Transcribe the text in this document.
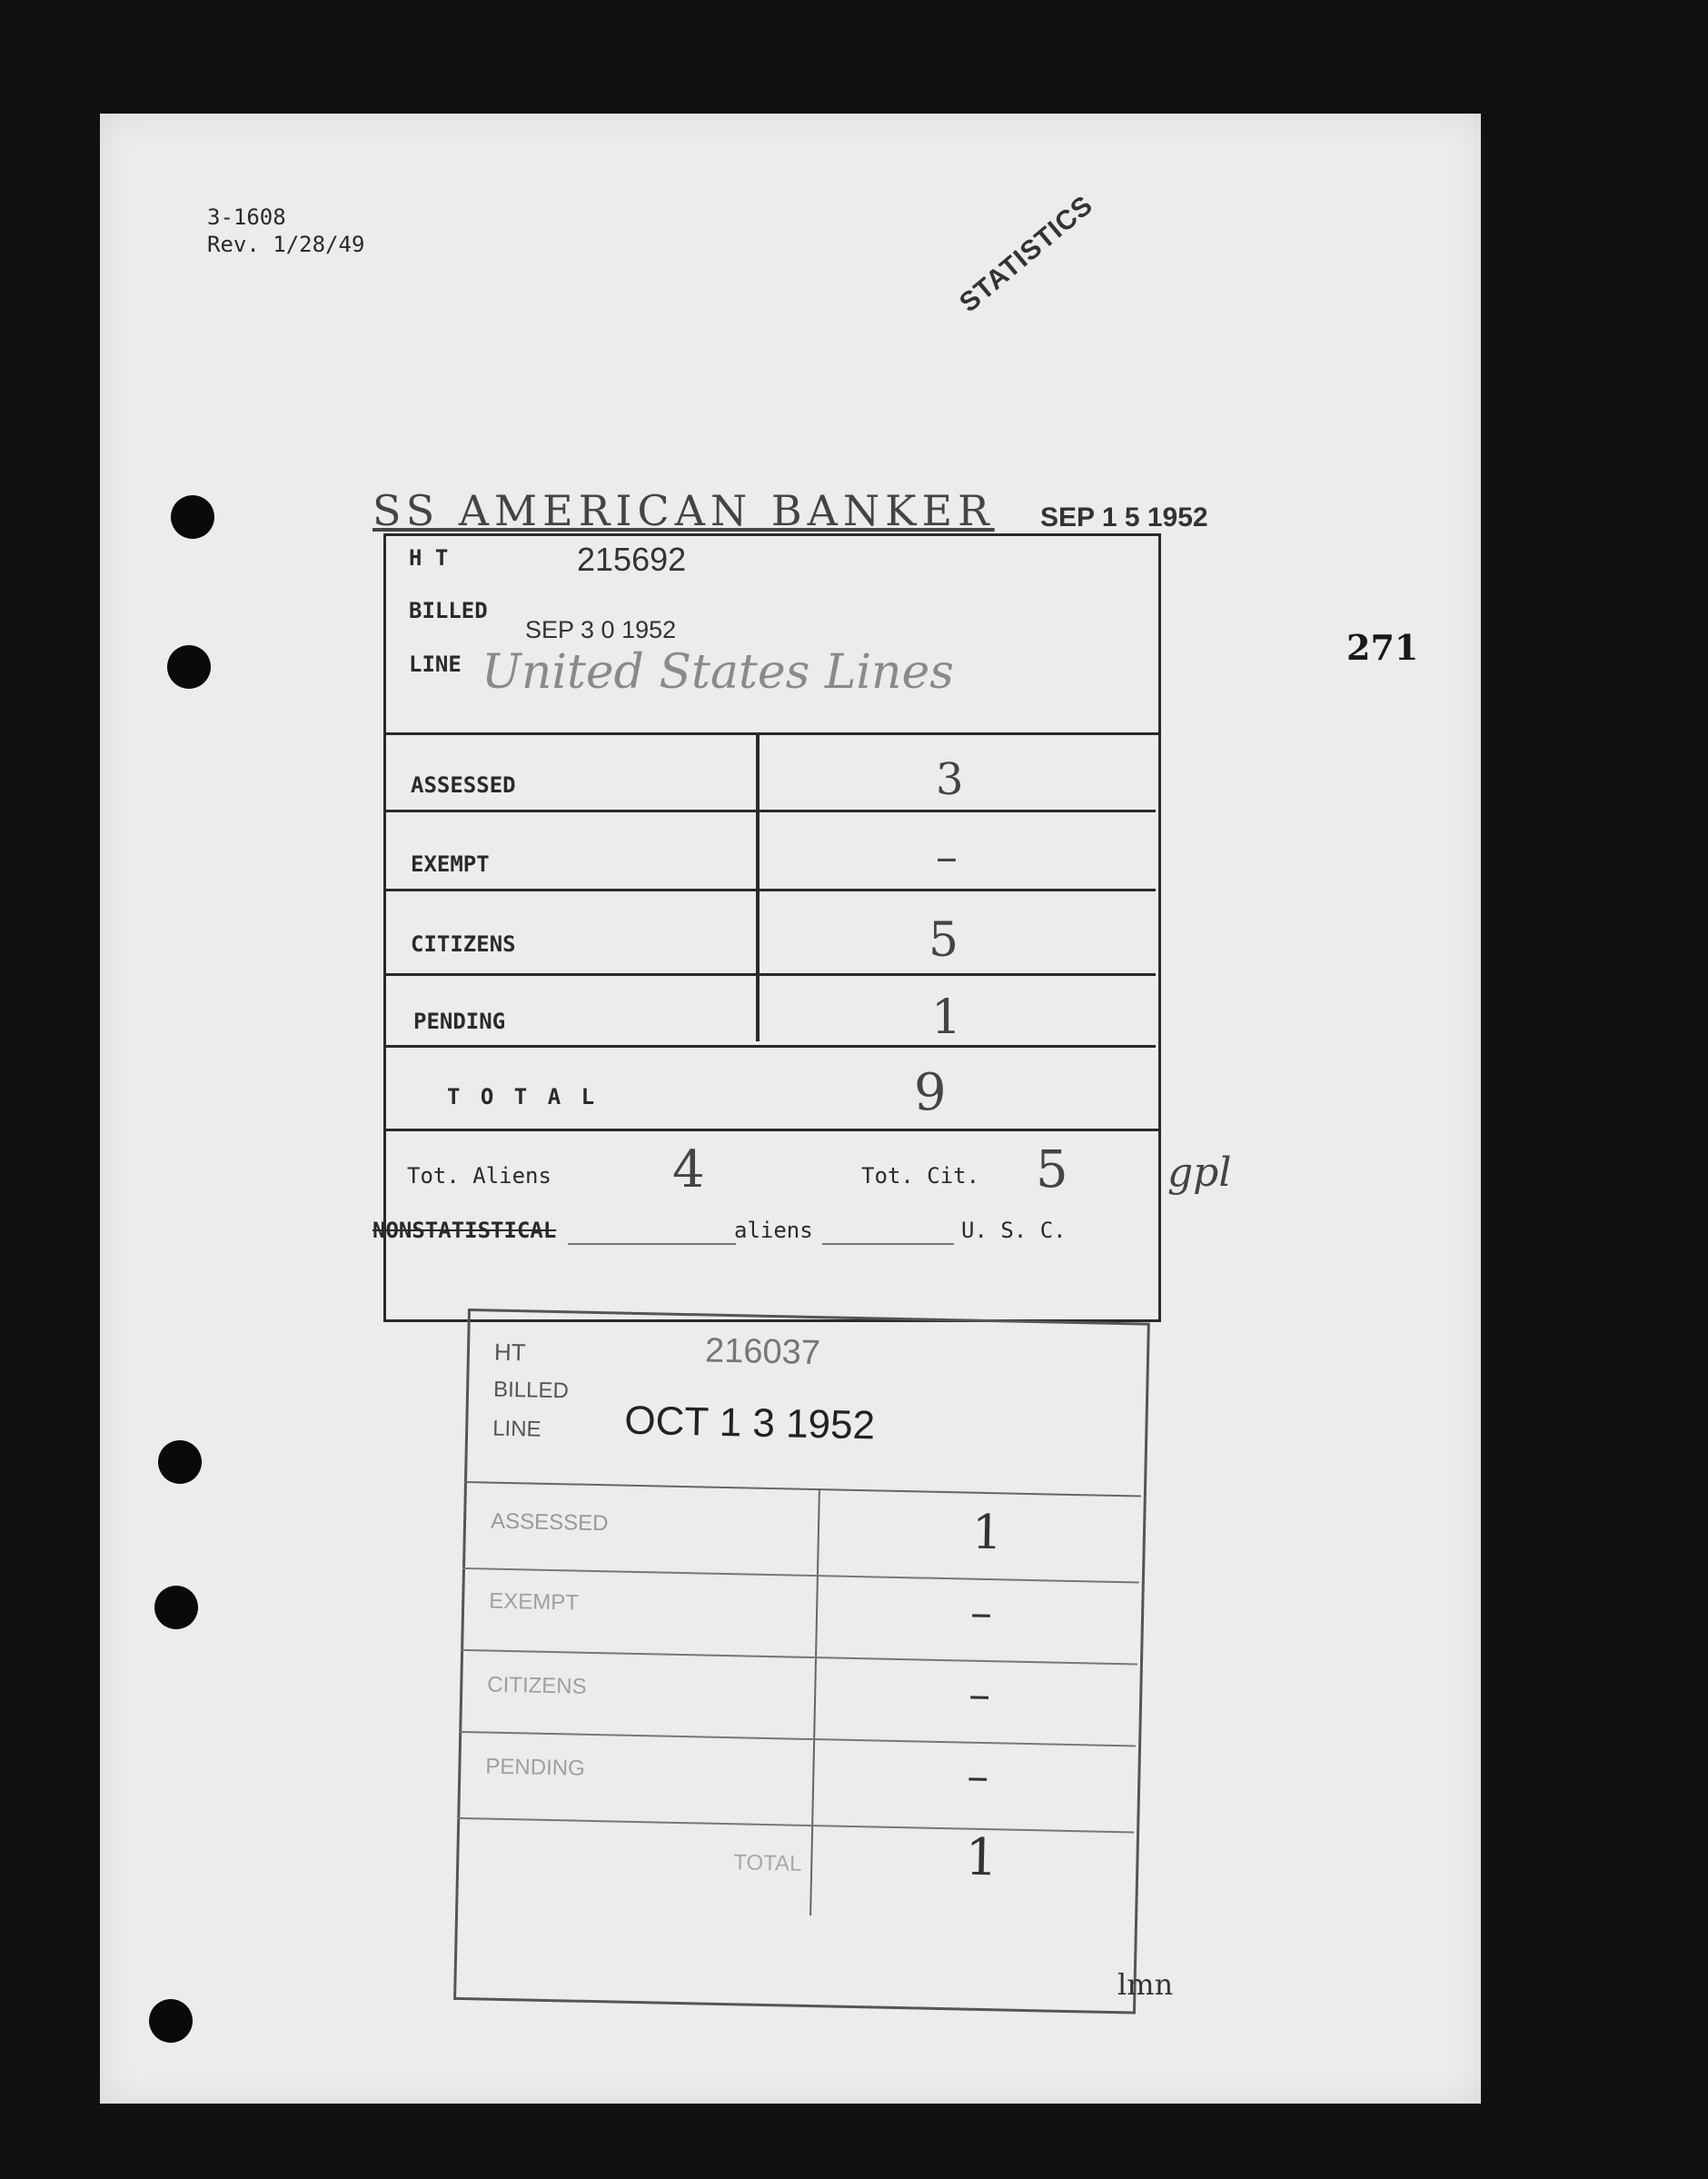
3-1608
Rev. 1/28/49	STATISTICS
271
SS AMERICAN BANKER SEP 1 5 1952
H T	215692
BILLED
SEP 3 0 1952
LINE United States Lines
ASSESSED	3
EXEMPT	–
CITIZENS	5
PENDING	1
T O T A L	9
Tot. Aliens 4	Tot. Cit. 5 gpl
NONSTATISTICAL	aliens	U. S. C.
HT	216037
BILLED
LINE OCT 1 3 1952
ASSESSED	1
EXEMPT	–
CITIZENS	–
PENDING	–
TOTAL	1
lmn
